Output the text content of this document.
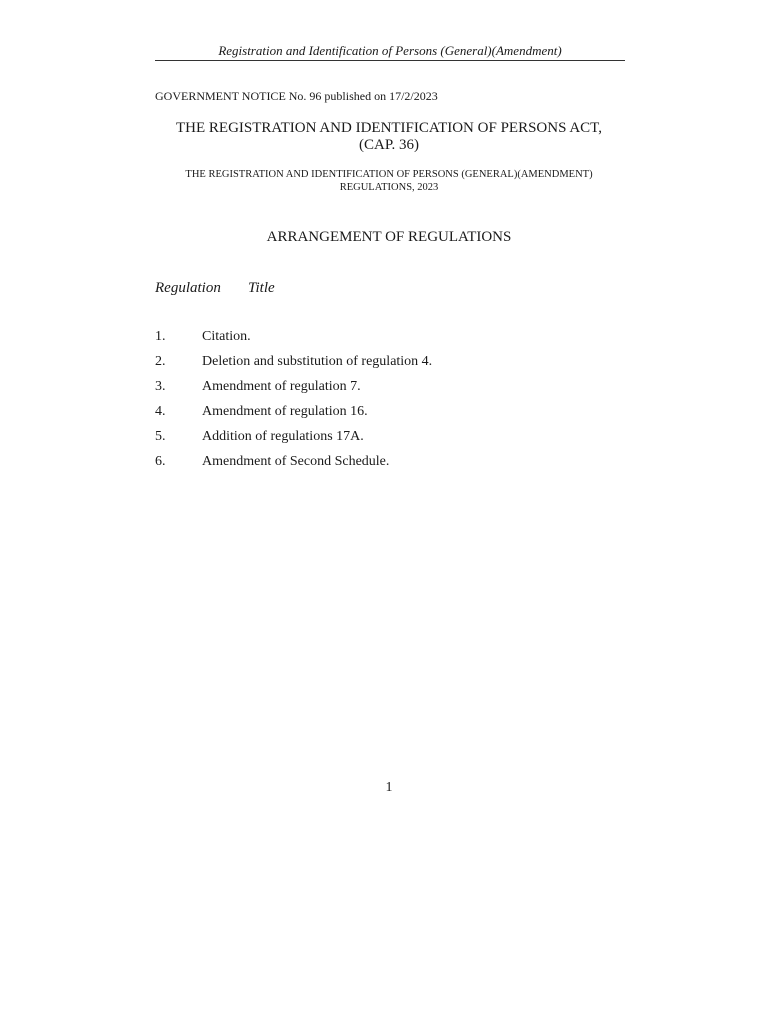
Registration and Identification of Persons (General)(Amendment)
GOVERNMENT NOTICE No. 96 published on 17/2/2023
THE REGISTRATION AND IDENTIFICATION OF PERSONS ACT,
(CAP. 36)
THE REGISTRATION AND IDENTIFICATION OF PERSONS (GENERAL)(AMENDMENT)
REGULATIONS, 2023
ARRANGEMENT OF REGULATIONS
Regulation Title
1.	Citation.
2.	Deletion and substitution of regulation 4.
3.	Amendment of regulation 7.
4.	Amendment of regulation 16.
5.	Addition of regulations 17A.
6.	Amendment of Second Schedule.
1
